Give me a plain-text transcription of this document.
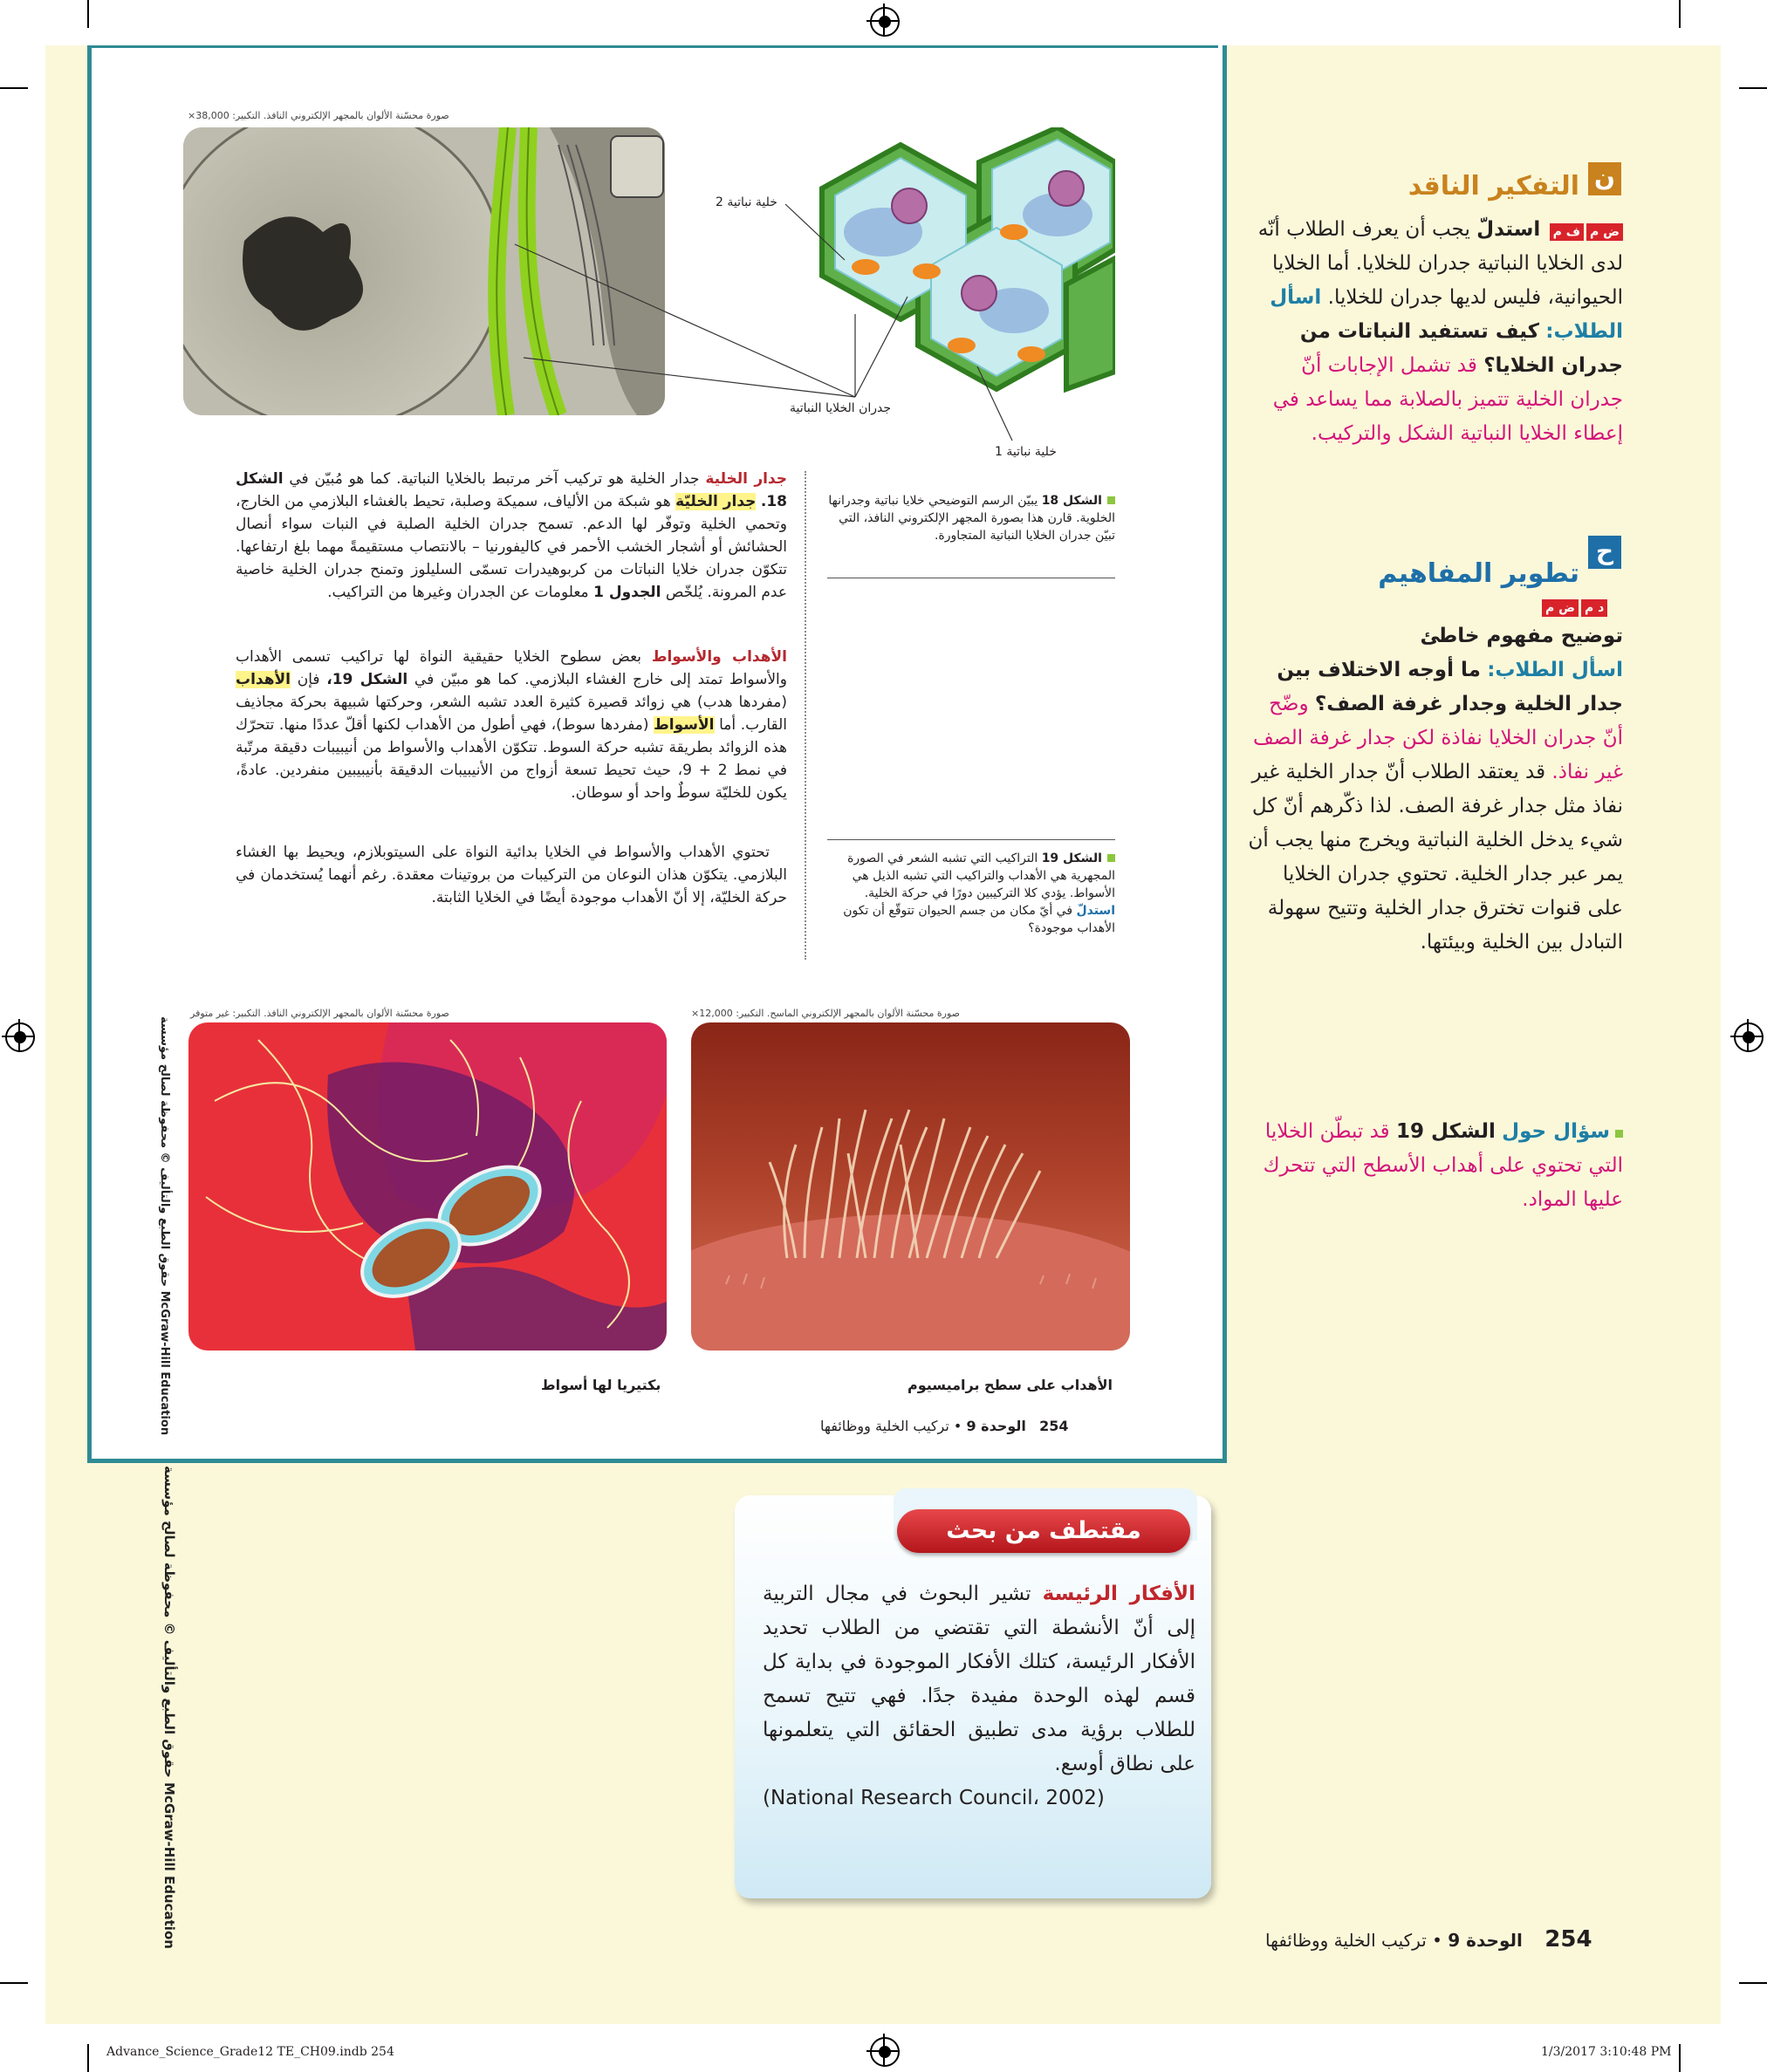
صورة محسّنة الألوان بالمجهر الإلكتروني النافذ. التكبير: 38,000×
خلية نباتية 2
جدران الخلايا النباتية
خلية نباتية 1
الشكل 18 يبيّن الرسم التوضيحي خلايا نباتية وجدرانها الخلوية. قارن هذا بصورة المجهر الإلكتروني النافذ، التي تبيّن جدران الخلايا النباتية المتجاورة.
جدار الخلية جدار الخلية هو تركيب آخر مرتبط بالخلايا النباتية. كما هو مُبيّن في الشكل 18. جدار الخليّة هو شبكة من الألياف، سميكة وصلبة، تحيط بالغشاء البلازمي من الخارج، وتحمي الخلية وتوفّر لها الدعم. تسمح جدران الخلية الصلبة في النبات سواء أنصال الحشائش أو أشجار الخشب الأحمر في كاليفورنيا – بالانتصاب مستقيمةً مهما بلغ ارتفاعها. تتكوّن جدران خلايا النباتات من كربوهيدرات تسمّى السليلوز وتمنح جدران الخلية خاصية عدم المرونة. يُلخّص الجدول 1 معلومات عن الجدران وغيرها من التراكيب.
الأهداب والأسواط بعض سطوح الخلايا حقيقية النواة لها تراكيب تسمى الأهداب والأسواط تمتد إلى خارج الغشاء البلازمي. كما هو مبيّن في الشكل 19، فإن الأهداب (مفردها هدب) هي زوائد قصيرة كثيرة العدد تشبه الشعر، وحركتها شبيهة بحركة مجاذيف القارب. أما الأسواط (مفردها سوط)، فهي أطول من الأهداب لكنها أقلّ عددًا منها. تتحرّك هذه الزوائد بطريقة تشبه حركة السوط. تتكوّن الأهداب والأسواط من أنيبيبات دقيقة مرتّبة في نمط 2 + 9، حيث تحيط تسعة أزواج من الأنيبيبات الدقيقة بأنيبيبين منفردين. عادةً، يكون للخليّة سوطٌ واحد أو سوطان.
تحتوي الأهداب والأسواط في الخلايا بدائية النواة على السيتوبلازم، ويحيط بها الغشاء البلازمي. يتكوّن هذان النوعان من التركيبات من بروتينات معقدة. رغم أنهما يُستخدمان في حركة الخليّة، إلا أنّ الأهداب موجودة أيضًا في الخلايا الثابتة.
الشكل 19 التراكيب التي تشبه الشعر في الصورة المجهرية هي الأهداب والتراكيب التي تشبه الذيل هي الأسواط. يؤدي كلا التركيبين دورًا في حركة الخلية. استدلّ في أيّ مكان من جسم الحيوان تتوقّع أن تكون الأهداب موجودة؟
صورة محسّنة الألوان بالمجهر الإلكتروني النافذ. التكبير: غير متوفر	صورة محسّنة الألوان بالمجهر الإلكتروني الماسح. التكبير: 12,000×
بكتيريا لها أسواط	الأهداب على سطح براميسيوم
254   الوحدة 9 • تركيب الخلية ووظائفها
McGraw-Hill Education حقوق الطبع والتأليف © محفوظة لصالح مؤسسة
McGraw-Hill Education حقوق الطبع والتأليف © محفوظة لصالح مؤسسة
ن
التفكير الناقد
ض مف م استدلّ يجب أن يعرف الطلاب أنّه لدى الخلايا النباتية جدران للخلايا. أما الخلايا الحيوانية، فليس لديها جدران للخلايا. اسأل الطلاب: كيف تستفيد النباتات من جدران الخلايا؟ قد تشمل الإجابات أنّ جدران الخلية تتميز بالصلابة مما يساعد في إعطاء الخلايا النباتية الشكل والتركيب.
ح
تطوير المفاهيم
د مض م
توضيح مفهوم خاطئ
اسأل الطلاب: ما أوجه الاختلاف بين جدار الخلية وجدار غرفة الصف؟ وضّح أنّ جدران الخلايا نفاذة لكن جدار غرفة الصف غير نفاذ. قد يعتقد الطلاب أنّ جدار الخلية غير نفاذ مثل جدار غرفة الصف. لذا ذكّرهم أنّ كل شيء يدخل الخلية النباتية ويخرج منها يجب أن يمر عبر جدار الخلية. تحتوي جدران الخلايا على قنوات تخترق جدار الخلية وتتيح سهولة التبادل بين الخلية وبيئتها.
سؤال حول الشكل 19 قد تبطّن الخلايا التي تحتوي على أهداب الأسطح التي تتحرك عليها المواد.
مقتطف من بحث
الأفكار الرئيسة تشير البحوث في مجال التربية إلى أنّ الأنشطة التي تقتضي من الطلاب تحديد الأفكار الرئيسة، كتلك الأفكار الموجودة في بداية كل قسم لهذه الوحدة مفيدة جدًا. فهي تتيح تسمح للطلاب برؤية مدى تطبيق الحقائق التي يتعلمونها على نطاق أوسع.
(National Research Council، 2002)
254    الوحدة 9 • تركيب الخلية ووظائفها
Advance_Science_Grade12 TE_CH09.indb 254	1/3/2017 3:10:48 PM
